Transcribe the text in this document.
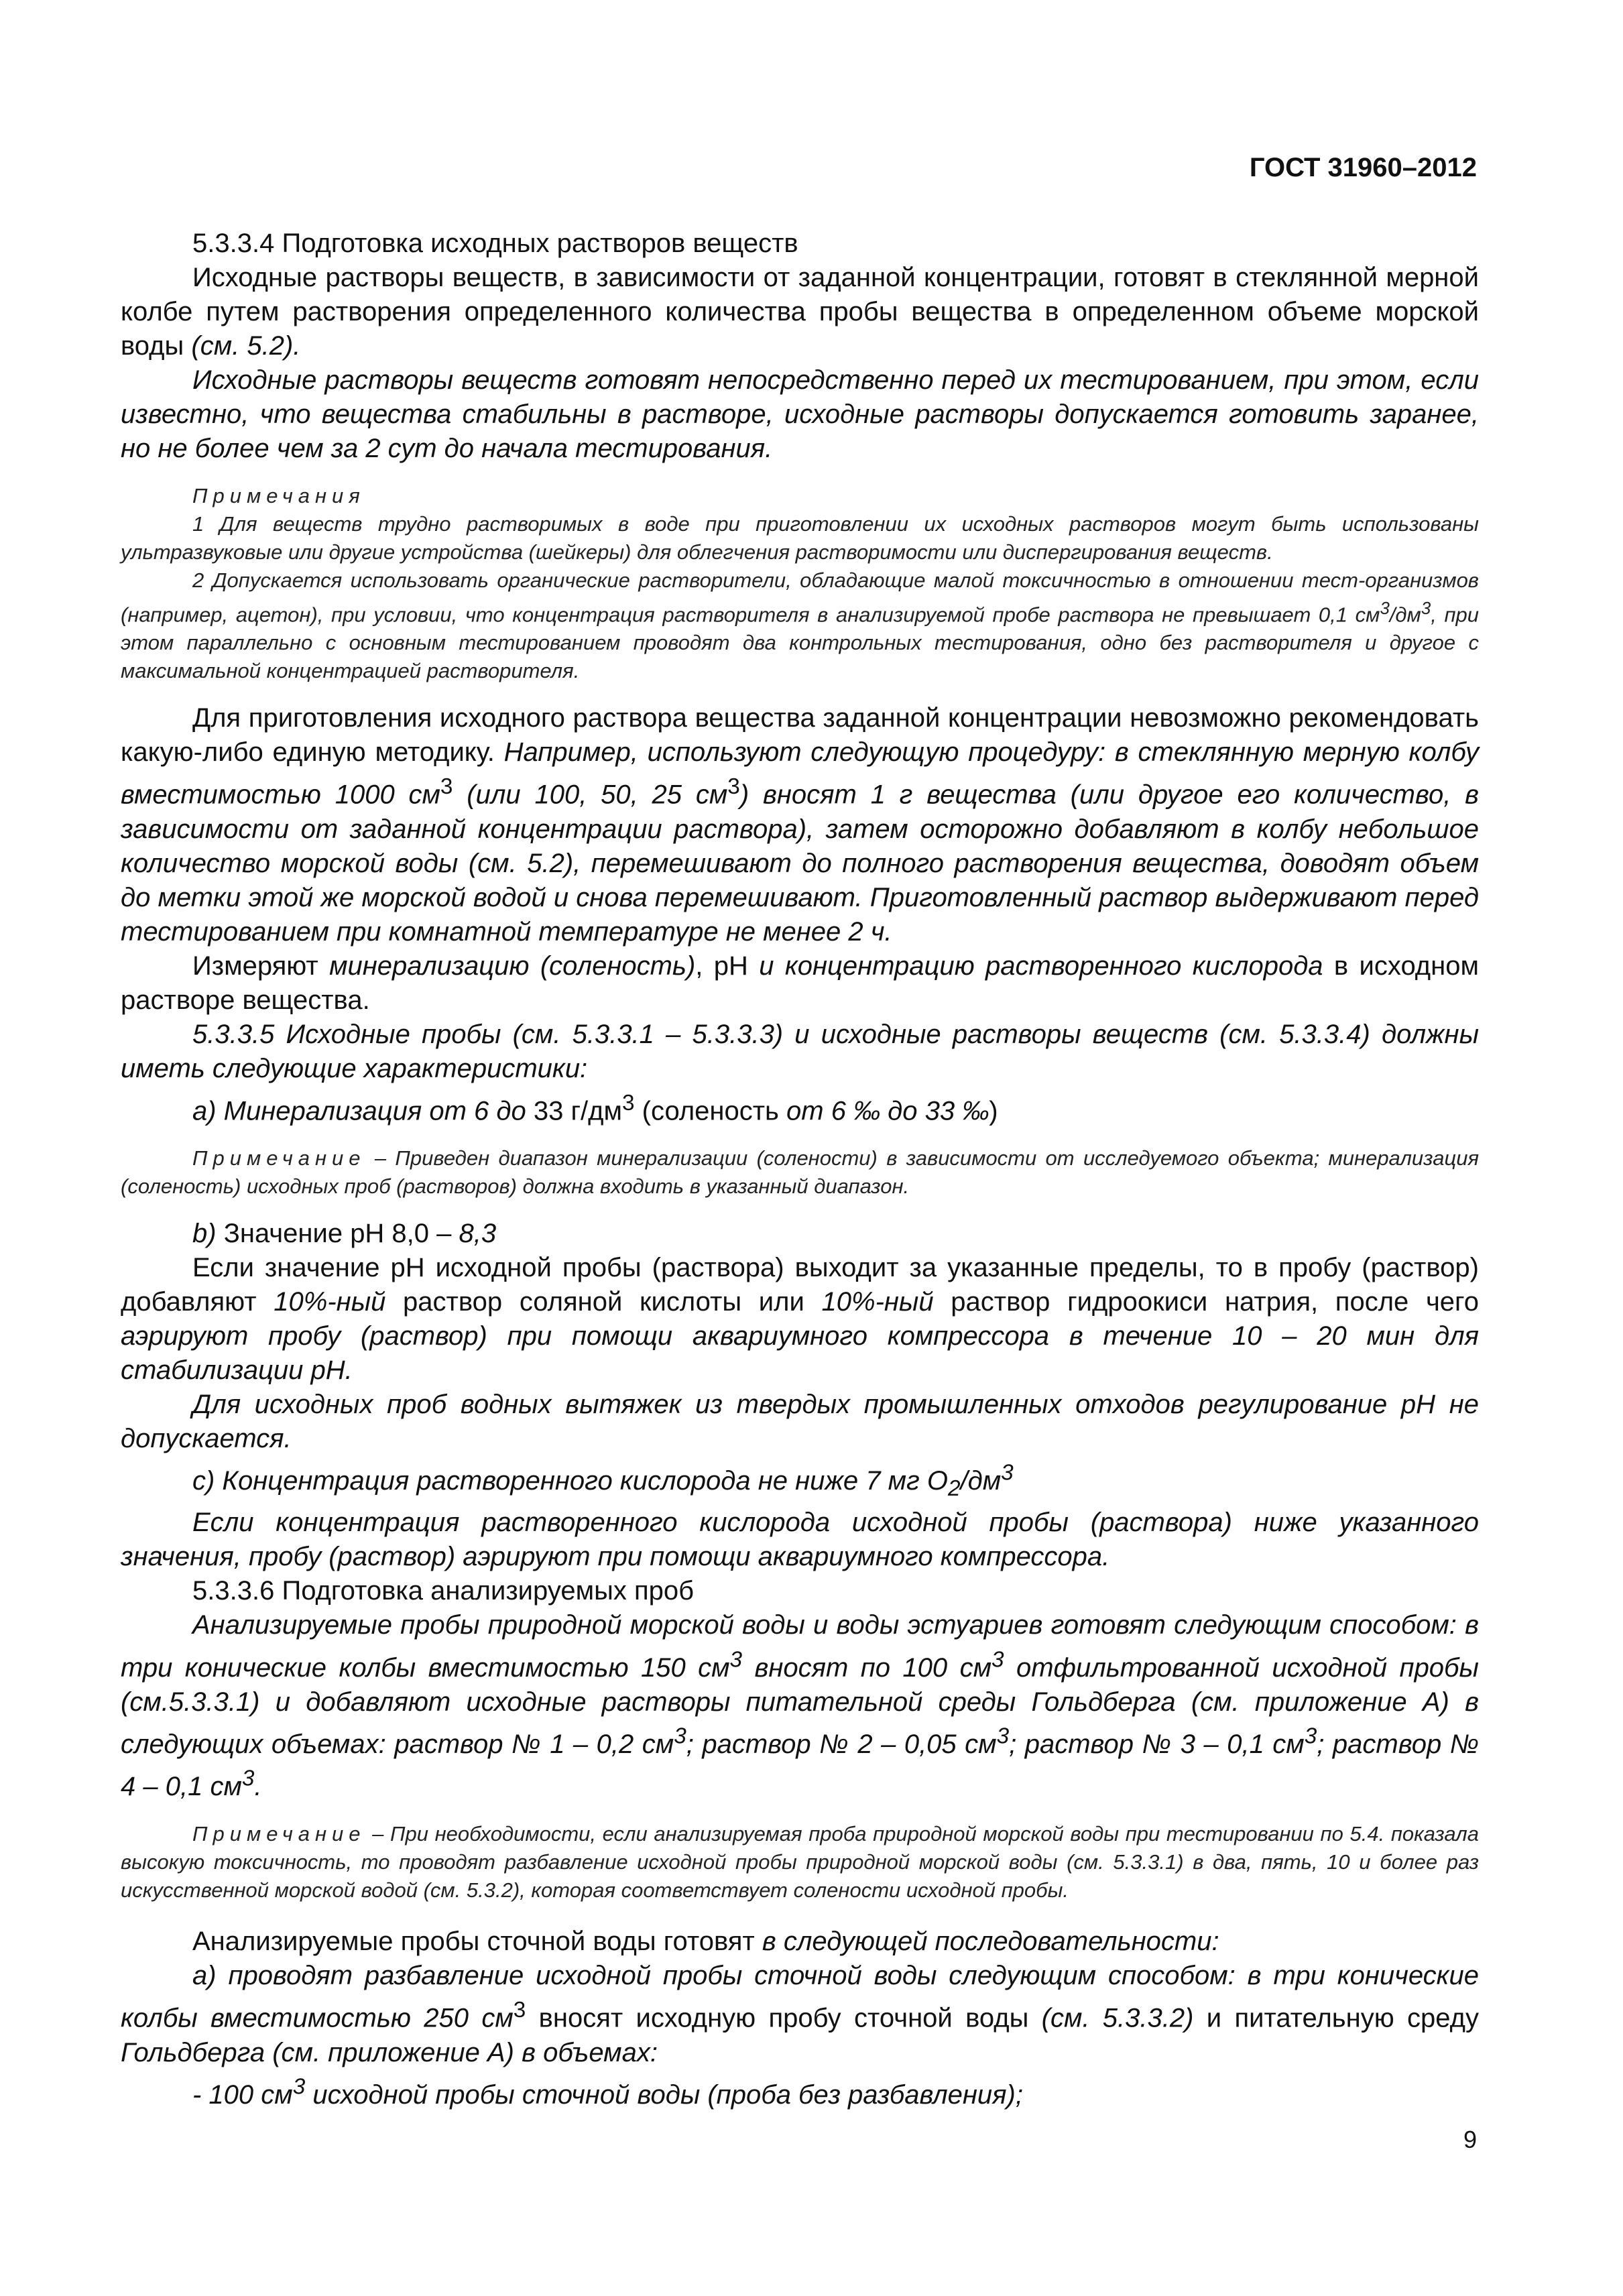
ГОСТ 31960–2012

5.3.3.4 Подготовка исходных растворов веществ

Исходные растворы веществ, в зависимости от заданной концентрации, готовят в стеклянной мерной колбе путем растворения определенного количества пробы вещества в определенном объеме морской воды (см. 5.2).

Исходные растворы веществ готовят непосредственно перед их тестированием, при этом, если известно, что вещества стабильны в растворе, исходные растворы допускается готовить заранее, но не более чем за 2 сут до начала тестирования.

Примечания

1 Для веществ трудно растворимых в воде при приготовлении их исходных растворов могут быть использованы ультразвуковые или другие устройства (шейкеры) для облегчения растворимости или диспергирования веществ.

2 Допускается использовать органические растворители, обладающие малой токсичностью в отношении тест-организмов (например, ацетон), при условии, что концентрация растворителя в анализируемой пробе раствора не превышает 0,1 $см^3/дм^3$, при этом параллельно с основным тестированием проводят два контрольных тестирования, одно без растворителя и другое с максимальной концентрацией растворителя.

Для приготовления исходного раствора вещества заданной концентрации невозможно рекомендовать какую-либо единую методику. Например, используют следующую процедуру: в стеклянную мерную колбу вместимостью 1000 $см^3$ (или 100, 50, 25 $см^3$) вносят 1 г вещества (или другое его количество, в зависимости от заданной концентрации раствора), затем осторожно добавляют в колбу небольшое количество морской воды (см. 5.2), перемешивают до полного растворения вещества, доводят объем до метки этой же морской водой и снова перемешивают. Приготовленный раствор выдерживают перед тестированием при комнатной температуре не менее 2 ч.

Измеряют минерализацию (соленость), pH и концентрацию растворенного кислорода в исходном растворе вещества.

5.3.3.5 Исходные пробы (см. 5.3.3.1 – 5.3.3.3) и исходные растворы веществ (см. 5.3.3.4) должны иметь следующие характеристики:

а) Минерализация от 6 до 33 $г/дм^3$ (соленость от 6 ‰ до 33 ‰)

Примечание – Приведен диапазон минерализации (солености) в зависимости от исследуемого объекта; минерализация (соленость) исходных проб (растворов) должна входить в указанный диапазон.

b) Значение pH 8,0 – 8,3

Если значение pH исходной пробы (раствора) выходит за указанные пределы, то в пробу (раствор) добавляют 10%-ный раствор соляной кислоты или 10%-ный раствор гидроокиси натрия, после чего аэрируют пробу (раствор) при помощи аквариумного компрессора в течение 10 – 20 мин для стабилизации pH.

Для исходных проб водных вытяжек из твердых промышленных отходов регулирование pH не допускается.

с) Концентрация растворенного кислорода не ниже 7 мг $O_2/дм^3$

Если концентрация растворенного кислорода исходной пробы (раствора) ниже указанного значения, пробу (раствор) аэрируют при помощи аквариумного компрессора.

5.3.3.6 Подготовка анализируемых проб

Анализируемые пробы природной морской воды и воды эстуариев готовят следующим способом: в три конические колбы вместимостью 150 $см^3$ вносят по 100 $см^3$ отфильтрованной исходной пробы (см.5.3.3.1) и добавляют исходные растворы питательной среды Гольдберга (см. приложение А) в следующих объемах: раствор № 1 – 0,2 $см^3$; раствор № 2 – 0,05 $см^3$; раствор № 3 – 0,1 $см^3$; раствор № 4 – 0,1 $см^3$.

Примечание – При необходимости, если анализируемая проба природной морской воды при тестировании по 5.4. показала высокую токсичность, то проводят разбавление исходной пробы природной морской воды (см. 5.3.3.1) в два, пять, 10 и более раз искусственной морской водой (см. 5.3.2), которая соответствует солености исходной пробы.

Анализируемые пробы сточной воды готовят в следующей последовательности:

а) проводят разбавление исходной пробы сточной воды следующим способом: в три конические колбы вместимостью 250 $см^3$ вносят исходную пробу сточной воды (см. 5.3.3.2) и питательную среду Гольдберга (см. приложение А) в объемах:

- 100 $см^3$ исходной пробы сточной воды (проба без разбавления);

9
